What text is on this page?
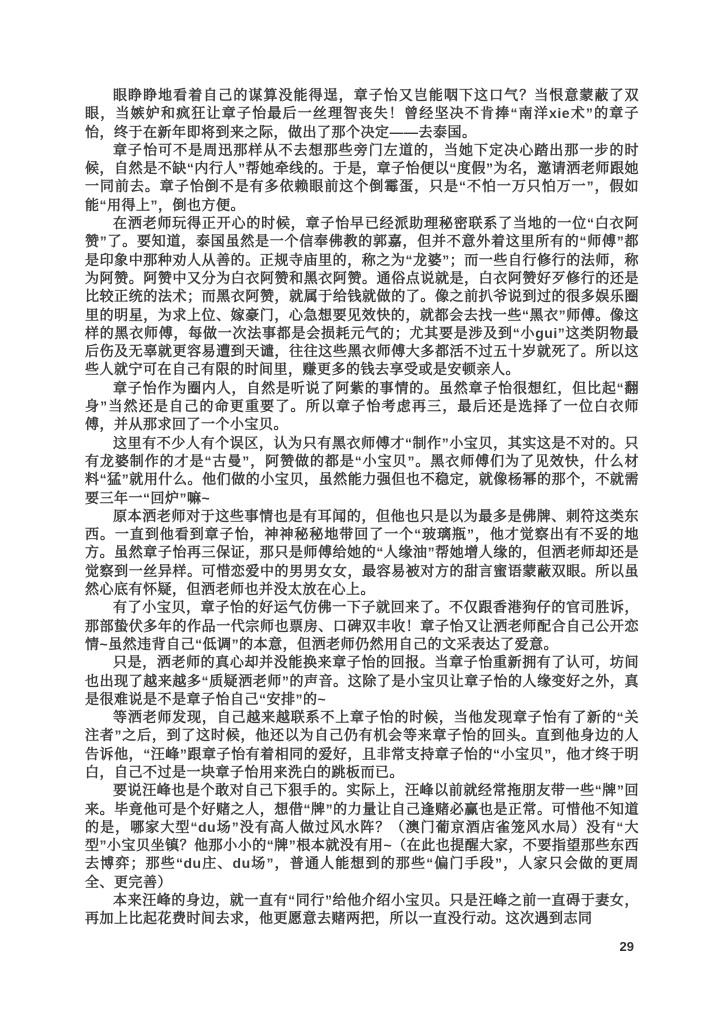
眼睁睁地看着自己的谋算没能得逞，章子怡又岂能咽下这口气？当恨意蒙蔽了双眼，当嫉妒和疯狂让章子怡最后一丝理智丧失！曾经坚决不肯捧“南洋xie术”的章子怡，终于在新年即将到来之际，做出了那个决定——去泰国。

章子怡可不是周迅那样从不去想那些旁门左道的，当她下定决心踏出那一步的时候，自然是不缺“内行人”帮她牵线的。于是，章子怡便以“度假”为名，邀请洒老师跟她一同前去。章子怡倒不是有多依赖眼前这个倒霉蛋，只是“不怕一万只怕万一”，假如能“用得上”，倒也方便。

在洒老师玩得正开心的时候，章子怡早已经派助理秘密联系了当地的一位“白衣阿赞”了。要知道，泰国虽然是一个信奉佛教的郭嘉，但并不意外着这里所有的“师傅”都是印象中那种劝人从善的。正规寺庙里的，称之为“龙婆”；而一些自行修行的法师，称为阿赞。阿赞中又分为白衣阿赞和黑衣阿赞。通俗点说就是，白衣阿赞好歹修行的还是比较正统的法术；而黑衣阿赞，就属于给钱就做的了。像之前扒爷说到过的很多娱乐圈里的明星，为求上位、嫁豪门，心急想要见效快的，就都会去找一些“黑衣”师傅。像这样的黑衣师傅，每做一次法事都是会损耗元气的；尤其要是涉及到“小gui”这类阴物最后伤及无辜就更容易遭到天谴，往往这些黑衣师傅大多都活不过五十岁就死了。所以这些人就宁可在自己有限的时间里，赚更多的钱去享受或是安顿亲人。

章子怡作为圈内人，自然是听说了阿紫的事情的。虽然章子怡很想红，但比起“翻身”当然还是自己的命更重要了。所以章子怡考虑再三，最后还是选择了一位白衣师傅，并从那求回了一个小宝贝。

这里有不少人有个误区，认为只有黑衣师傅才“制作”小宝贝，其实这是不对的。只有龙婆制作的才是“古曼”，阿赞做的都是“小宝贝”。黑衣师傅们为了见效快，什么材料“猛”就用什么。他们做的小宝贝，虽然能力强但也不稳定，就像杨幂的那个，不就需要三年一“回炉”嘛~

原本洒老师对于这些事情也是有耳闻的，但他也只是以为最多是佛牌、刺符这类东西。一直到他看到章子怡，神神秘秘地带回了一个“玻璃瓶”，他才觉察出有不妥的地方。虽然章子怡再三保证，那只是师傅给她的“人缘油”帮她增人缘的，但洒老师却还是觉察到一丝异样。可惜恋爱中的男男女女，最容易被对方的甜言蜜语蒙蔽双眼。所以虽然心底有怀疑，但洒老师也并没太放在心上。

有了小宝贝，章子怡的好运气仿佛一下子就回来了。不仅跟香港狗仔的官司胜诉，那部蛰伏多年的作品一代宗师也票房、口碑双丰收！章子怡又让洒老师配合自己公开恋情~虽然违背自己“低调”的本意，但洒老师仍然用自己的文采表达了爱意。

只是，洒老师的真心却并没能换来章子怡的回报。当章子怡重新拥有了认可，坊间也出现了越来越多“质疑洒老师”的声音。这除了是小宝贝让章子怡的人缘变好之外，真是很难说是不是章子怡自己“安排”的~

等洒老师发现，自己越来越联系不上章子怡的时候，当他发现章子怡有了新的“关注者”之后，到了这时候，他还以为自己仍有机会等来章子怡的回头。直到他身边的人告诉他，“汪峰”跟章子怡有着相同的爱好，且非常支持章子怡的“小宝贝”，他才终于明白，自己不过是一块章子怡用来洗白的跳板而已。

要说汪峰也是个敢对自己下狠手的。实际上，汪峰以前就经常拖朋友带一些“牌”回来。毕竟他可是个好赌之人，想借“牌”的力量让自己逢赌必赢也是正常。可惜他不知道的是，哪家大型“du场”没有高人做过风水阵？（澳门葡京酒店雀笼风水局）没有“大型”小宝贝坐镇？他那小小的“牌”根本就没有用~（在此也提醒大家，不要指望那些东西去博弈；那些“du庄、du场”，普通人能想到的那些“偏门手段”，人家只会做的更周全、更完善）

本来汪峰的身边，就一直有“同行”给他介绍小宝贝。只是汪峰之前一直碍于妻女，再加上比起花费时间去求，他更愿意去赌两把，所以一直没行动。这次遇到志同

29
